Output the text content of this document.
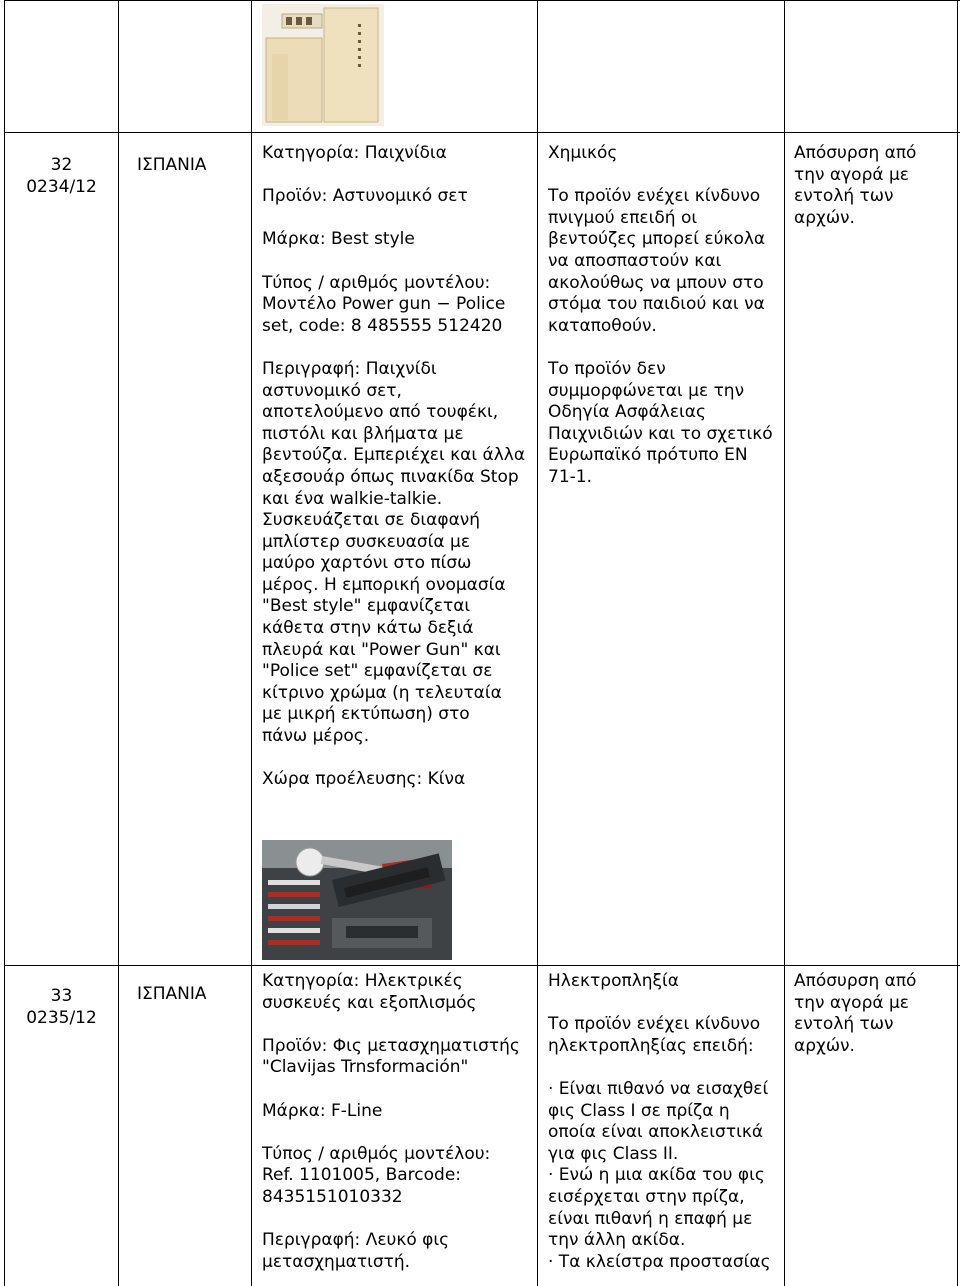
32

0234/12

ΙΣΠΑΝΙΑ

Κατηγορία: Παιχνίδια

Προϊόν: Αστυνομικό σετ

Μάρκα: Best style

Τύπος / αριθμός μοντέλου:

Μοντέλο Power gun − Police

set, code: 8 485555 512420

Περιγραφή: Παιχνίδι

αστυνομικό σετ,

αποτελούμενο από τουφέκι,

πιστόλι και βλήματα με

βεντούζα. Εμπεριέχει και άλλα

αξεσουάρ όπως πινακίδα Stop

και ένα walkie-talkie.

Συσκευάζεται σε διαφανή

μπλίστερ συσκευασία με

μαύρο χαρτόνι στο πίσω

μέρος. Η εμπορική ονομασία

"Best style" εμφανίζεται

κάθετα στην κάτω δεξιά

πλευρά και "Power Gun" και

"Police set" εμφανίζεται σε

κίτρινο χρώμα (η τελευταία

με μικρή εκτύπωση) στο

πάνω μέρος.

Χώρα προέλευσης: Κίνα

Χημικός

Το προϊόν ενέχει κίνδυνο

πνιγμού επειδή οι

βεντούζες μπορεί εύκολα

να αποσπαστούν και

ακολούθως να μπουν στο

στόμα του παιδιού και να

καταποθούν.

Το προϊόν δεν

συμμορφώνεται με την

Οδηγία Ασφάλειας

Παιχνιδιών και το σχετικό

Ευρωπαϊκό πρότυπο ΕΝ

71-1.

Απόσυρση από

την αγορά με

εντολή των

αρχών.

33

0235/12

ΙΣΠΑΝΙΑ

Κατηγορία: Ηλεκτρικές

συσκευές και εξοπλισμός

Προϊόν: Φις μετασχηματιστής

"Clavijas Trnsformación"

Μάρκα: F-Line

Τύπος / αριθμός μοντέλου:

Ref. 1101005, Barcode:

8435151010332

Περιγραφή: Λευκό φις

μετασχηματιστή.

Ηλεκτροπληξία

Το προϊόν ενέχει κίνδυνο

ηλεκτροπληξίας επειδή:

· Είναι πιθανό να εισαχθεί

φις Class I σε πρίζα η

οποία είναι αποκλειστικά

για φις Class II.

· Ενώ η μια ακίδα του φις

εισέρχεται στην πρίζα,

είναι πιθανή η επαφή με

την άλλη ακίδα.

· Τα κλείστρα προστασίας

Απόσυρση από

την αγορά με

εντολή των

αρχών.
